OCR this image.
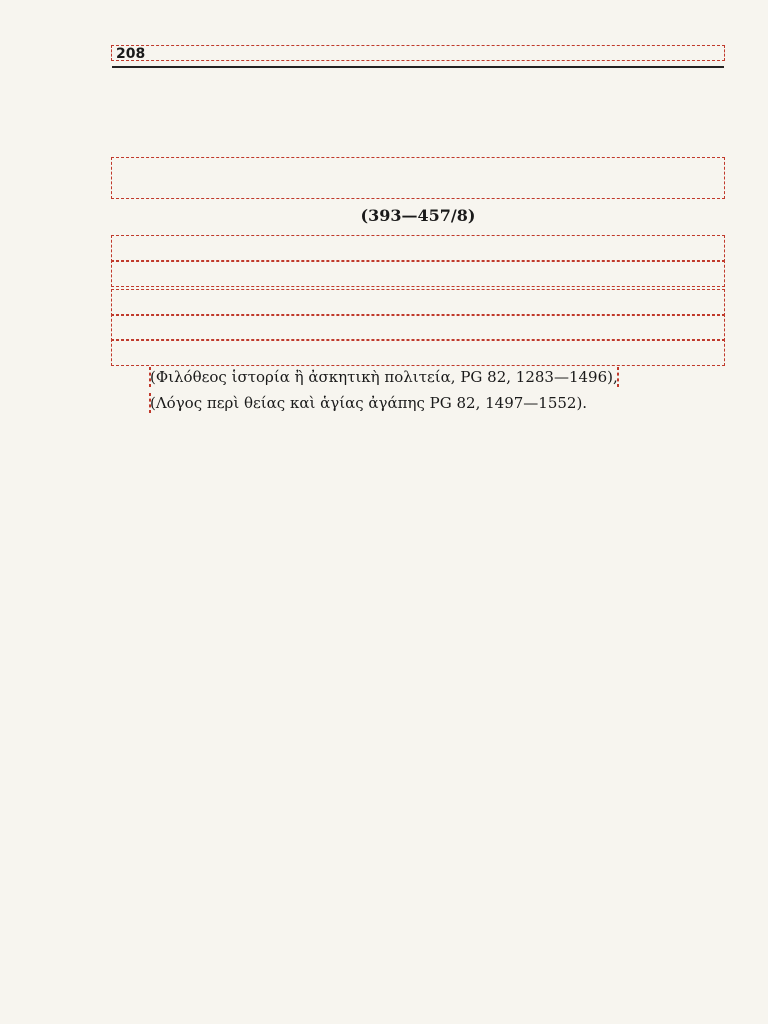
208
(393—457/8)

(Φιλόθεος ἱστορία ἢ ἀσκητικὴ πολιτεία, PG 82, 1283—1496),

(Λόγος περὶ θείας καὶ ἁγίας ἀγάπης PG 82, 1497—1552).
